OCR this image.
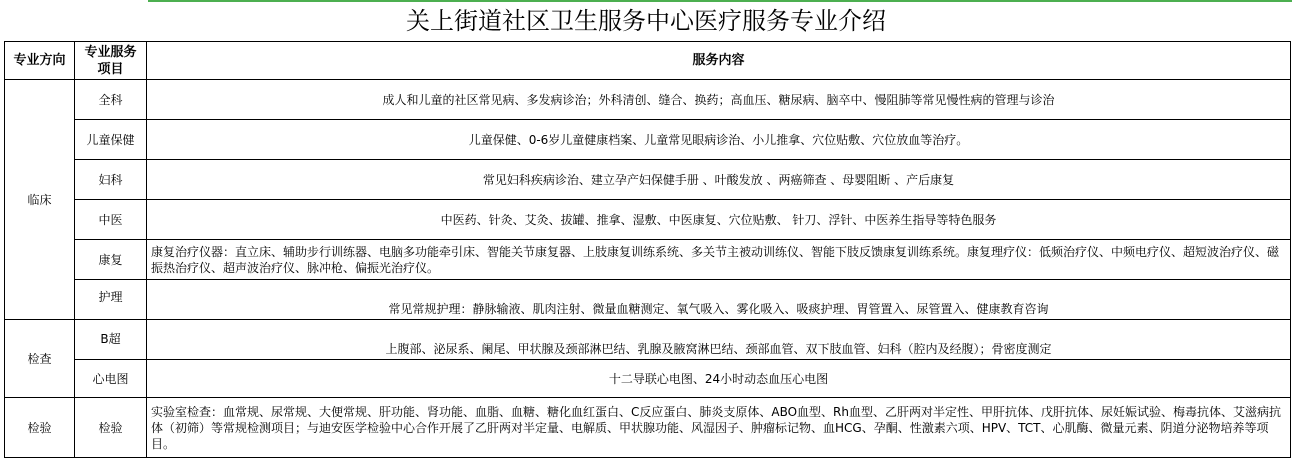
关上街道社区卫生服务中心医疗服务专业介绍
专业方向	专业服务项目	服务内容
临床	全科	成人和儿童的社区常见病、多发病诊治；外科清创、缝合、换药；高血压、糖尿病、脑卒中、慢阻肺等常见慢性病的管理与诊治
	儿童保健	儿童保健、0-6岁儿童健康档案、儿童常见眼病诊治、小儿推拿、穴位贴敷、穴位放血等治疗。
	妇科	常见妇科疾病诊治、建立孕产妇保健手册 、叶酸发放 、两癌筛查 、母婴阻断 、产后康复
	中医	中医药、针灸、艾灸、拔罐、推拿、湿敷、中医康复、穴位贴敷、 针刀、浮针、中医养生指导等特色服务
	康复	康复治疗仪器：直立床、辅助步行训练器、电脑多功能牵引床、智能关节康复器、上肢康复训练系统、多关节主被动训练仪、智能下肢反馈康复训练系统。康复理疗仪：低频治疗仪、中频电疗仪、超短波治疗仪、磁振热治疗仪、超声波治疗仪、脉冲枪、偏振光治疗仪。
	护理	常见常规护理：静脉输液、肌肉注射、微量血糖测定、氧气吸入、雾化吸入、吸痰护理、胃管置入、尿管置入、健康教育咨询
检查	B超	上腹部、泌尿系、阑尾、甲状腺及颈部淋巴结、乳腺及腋窝淋巴结、颈部血管、双下肢血管、妇科（腔内及经腹）；骨密度测定
	心电图	十二导联心电图、24小时动态血压心电图
检验	检验	实验室检查：血常规、尿常规、大便常规、肝功能、肾功能、血脂、血糖、糖化血红蛋白、C反应蛋白、肺炎支原体、ABO血型、Rh血型、乙肝两对半定性、甲肝抗体、戊肝抗体、尿妊娠试验、梅毒抗体、艾滋病抗体（初筛）等常规检测项目；与迪安医学检验中心合作开展了乙肝两对半定量、电解质、甲状腺功能、风湿因子、肿瘤标记物、血HCG、孕酮、性激素六项、HPV、TCT、心肌酶、微量元素、阴道分泌物培养等项目。
